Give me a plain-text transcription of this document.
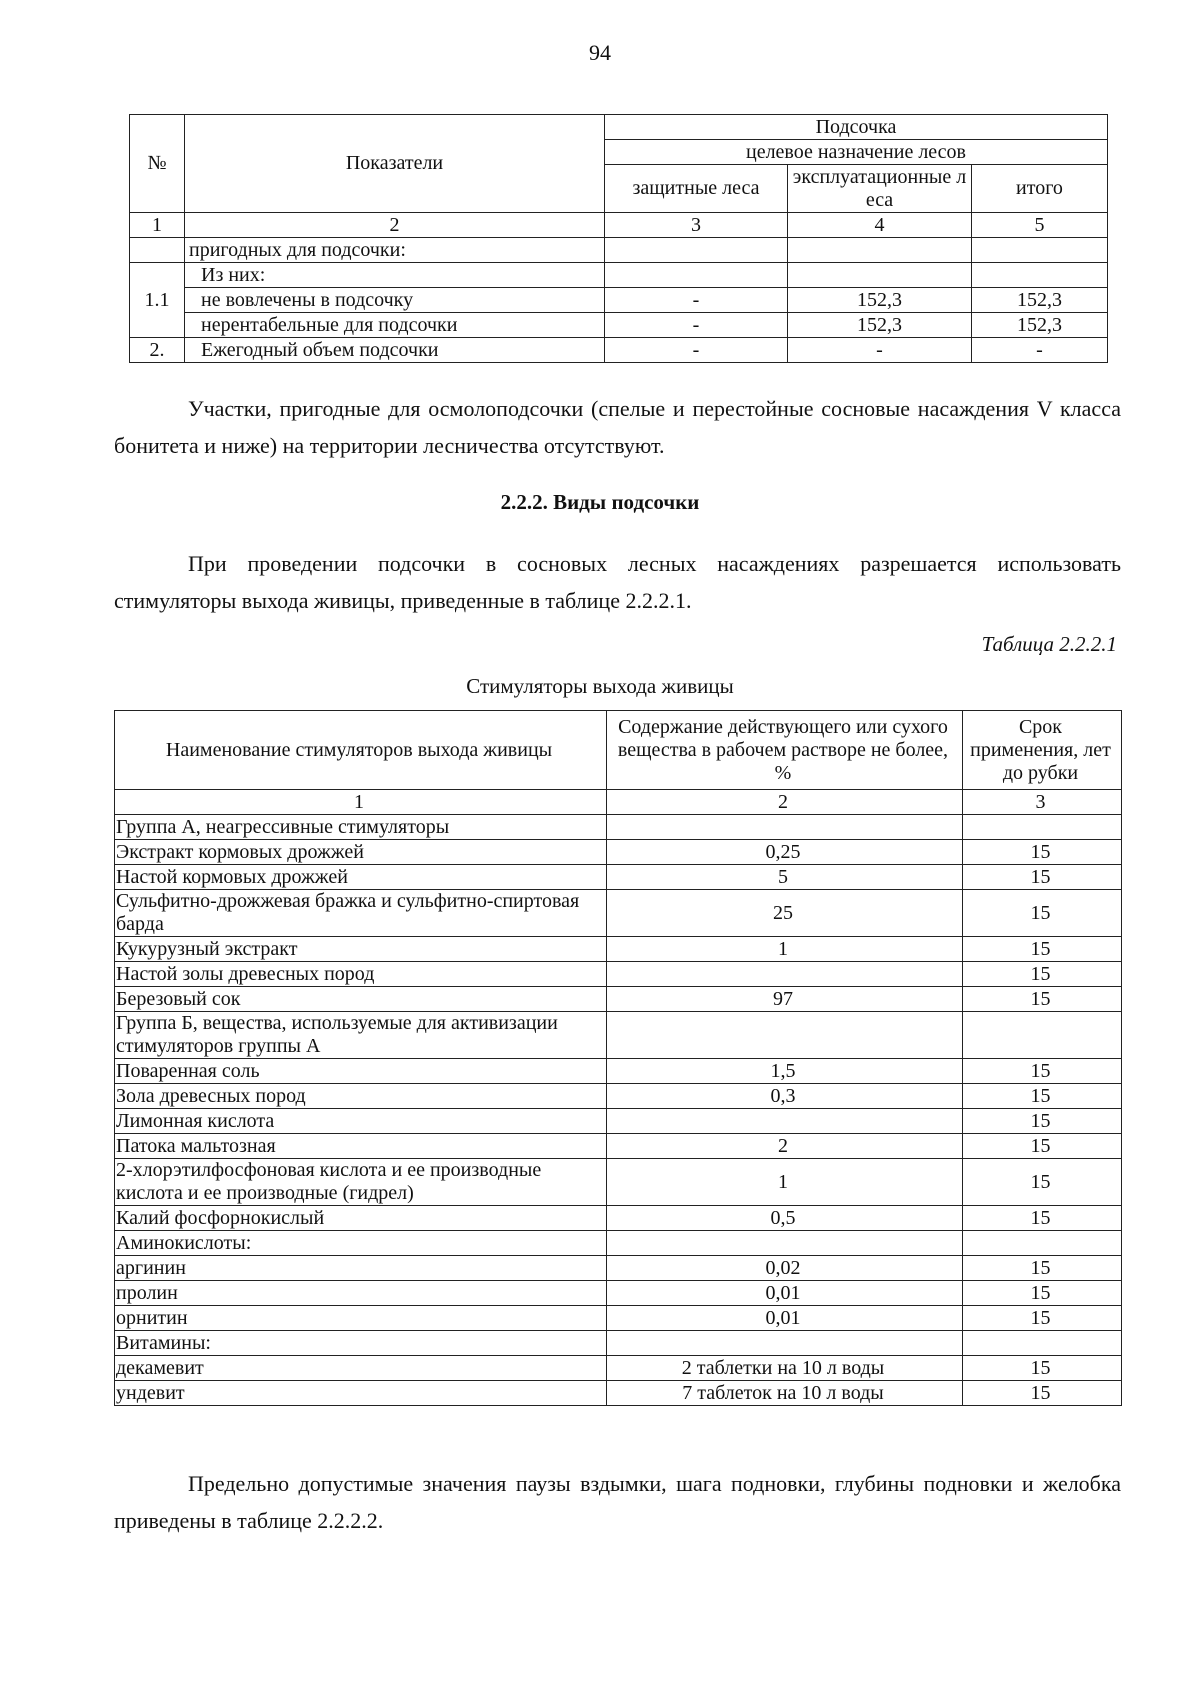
94
№	Показатели	Подсочка		
		целевое назначение лесов		
		защитные леса	эксплуатационные леса	итого
1	2	3	4	5
	пригодных для подсочки:			
1.1	Из них:			
	не вовлечены в подсочку	-	152,3	152,3
	нерентабельные для подсочки	-	152,3	152,3
2.	Ежегодный объем подсочки	-	-	-
Участки, пригодные для осмолоподсочки (спелые и перестойные сосновые насаждения V класса бонитета и ниже) на территории лесничества отсутствуют.
2.2.2. Виды подсочки
При проведении подсочки в сосновых лесных насаждениях разрешается использовать стимуляторы выхода живицы, приведенные в таблице 2.2.2.1.
Таблица 2.2.2.1
Стимуляторы выхода живицы
Наименование стимуляторов выхода живицы	Содержание действующего или сухого вещества в рабочем растворе не более, %	Срок применения, лет до рубки
1	2	3
Группа А, неагрессивные стимуляторы		
Экстракт кормовых дрожжей	0,25	15
Настой кормовых дрожжей	5	15
Сульфитно-дрожжевая бражка и сульфитно-спиртовая барда	25	15
Кукурузный экстракт	1	15
Настой золы древесных пород		15
Березовый сок	97	15
Группа Б, вещества, используемые для активизации стимуляторов группы А		
Поваренная соль	1,5	15
Зола древесных пород	0,3	15
Лимонная кислота		15
Патока мальтозная	2	15
2-хлорэтилфосфоновая кислота и ее производные кислота и ее производные (гидрел)	1	15
Калий фосфорнокислый	0,5	15
Аминокислоты:		
аргинин	0,02	15
пролин	0,01	15
орнитин	0,01	15
Витамины:		
декамевит	2 таблетки на 10 л воды	15
ундевит	7 таблеток на 10 л воды	15
Предельно допустимые значения паузы вздымки, шага подновки, глубины подновки и желобка приведены в таблице 2.2.2.2.
